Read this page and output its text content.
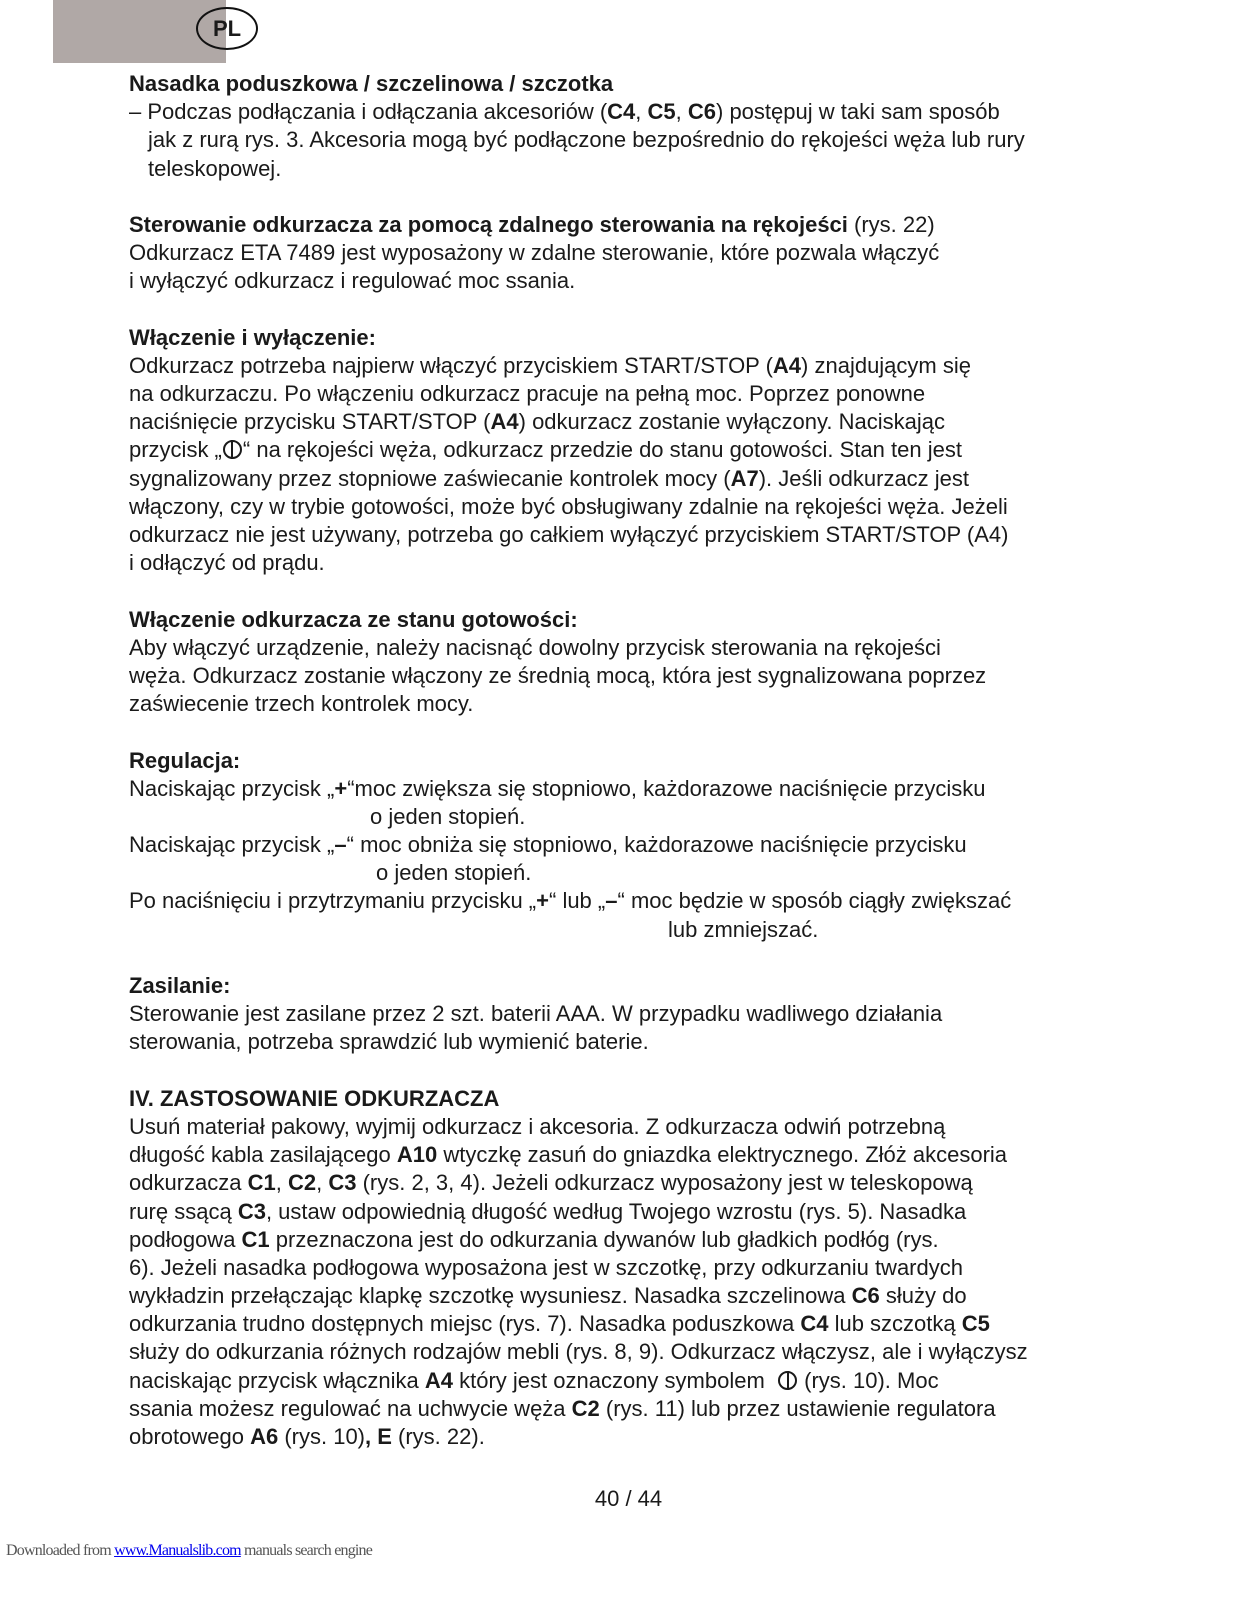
PL
Nasadka poduszkowa / szczelinowa / szczotka
– Podczas podłączania i odłączania akcesoriów (C4, C5, C6) postępuj w taki sam sposób
jak z rurą rys. 3. Akcesoria mogą być podłączone bezpośrednio do rękojeści węża lub rury
teleskopowej.
Sterowanie odkurzacza za pomocą zdalnego sterowania na rękojeści (rys. 22)
Odkurzacz ETA 7489 jest wyposażony w zdalne sterowanie, które pozwala włączyć
i wyłączyć odkurzacz i regulować moc ssania.
Włączenie i wyłączenie:
Odkurzacz potrzeba najpierw włączyć przyciskiem START/STOP (A4) znajdującym się
na odkurzaczu. Po włączeniu odkurzacz pracuje na pełną moc. Poprzez ponowne
naciśnięcie przycisku START/STOP (A4) odkurzacz zostanie wyłączony. Naciskając
przycisk „ “ na rękojeści węża, odkurzacz przedzie do stanu gotowości. Stan ten jest
sygnalizowany przez stopniowe zaświecanie kontrolek mocy (A7). Jeśli odkurzacz jest
włączony, czy w trybie gotowości, może być obsługiwany zdalnie na rękojeści węża. Jeżeli
odkurzacz nie jest używany, potrzeba go całkiem wyłączyć przyciskiem START/STOP (A4)
i odłączyć od prądu.
Włączenie odkurzacza ze stanu gotowości:
Aby włączyć urządzenie, należy nacisnąć dowolny przycisk sterowania na rękojeści
węża. Odkurzacz zostanie włączony ze średnią mocą, która jest sygnalizowana poprzez
zaświecenie trzech kontrolek mocy.
Regulacja:
Naciskając przycisk „+“moc zwiększa się stopniowo, każdorazowe naciśnięcie przycisku
o jeden stopień.
Naciskając przycisk „–“ moc obniża się stopniowo, każdorazowe naciśnięcie przycisku
o jeden stopień.
Po naciśnięciu i przytrzymaniu przycisku „+“ lub „–“ moc będzie w sposób ciągły zwiększać
lub zmniejszać.
Zasilanie:
Sterowanie jest zasilane przez 2 szt. baterii AAA. W przypadku wadliwego działania
sterowania, potrzeba sprawdzić lub wymienić baterie.
IV. ZASTOSOWANIE ODKURZACZA
Usuń materiał pakowy, wyjmij odkurzacz i akcesoria. Z odkurzacza odwiń potrzebną
długość kabla zasilającego A10 wtyczkę zasuń do gniazdka elektrycznego. Złóż akcesoria
odkurzacza C1, C2, C3 (rys. 2, 3, 4). Jeżeli odkurzacz wyposażony jest w teleskopową
rurę ssącą C3, ustaw odpowiednią długość według Twojego wzrostu (rys. 5). Nasadka
podłogowa C1 przeznaczona jest do odkurzania dywanów lub gładkich podłóg (rys.
6). Jeżeli nasadka podłogowa wyposażona jest w szczotkę, przy odkurzaniu twardych
wykładzin przełączając klapkę szczotkę wysuniesz. Nasadka szczelinowa C6 służy do
odkurzania trudno dostępnych miejsc (rys. 7). Nasadka poduszkowa C4 lub szczotką C5
służy do odkurzania różnych rodzajów mebli (rys. 8, 9). Odkurzacz włączysz, ale i wyłączysz
naciskając przycisk włącznika A4 który jest oznaczony symbolem   (rys. 10). Moc
ssania możesz regulować na uchwycie węża C2 (rys. 11) lub przez ustawienie regulatora
obrotowego A6 (rys. 10), E (rys. 22).
40 / 44
Downloaded from www.Manualslib.com manuals search engine
